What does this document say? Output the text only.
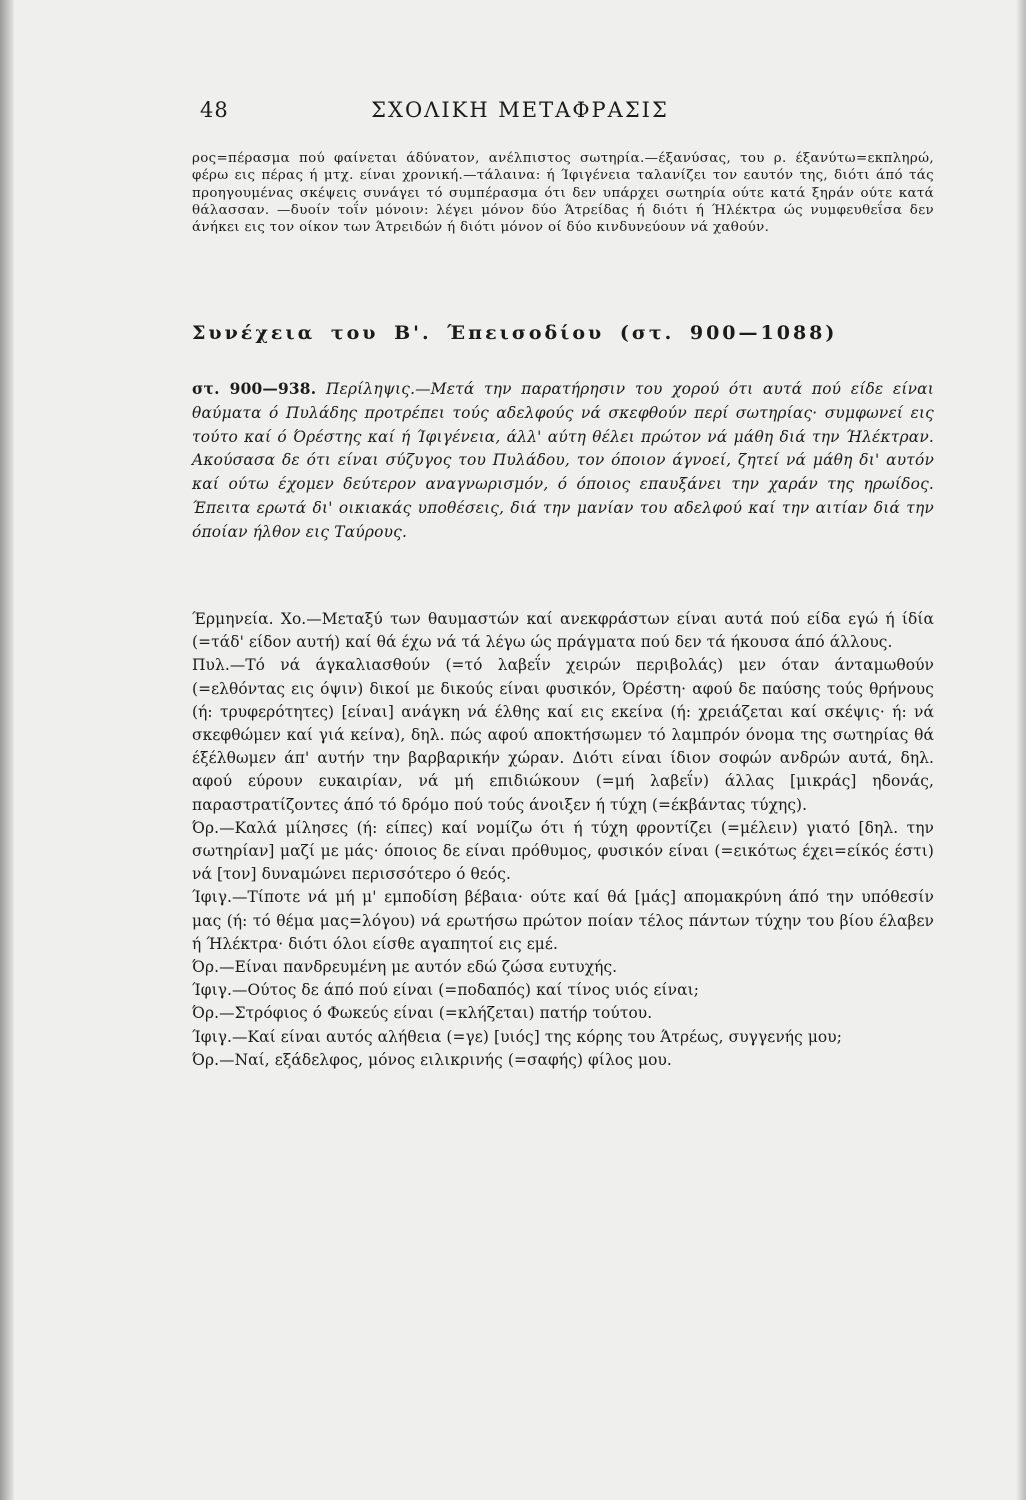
48	ΣΧΟΛΙΚΗ ΜΕΤΑΦΡΑΣΙΣ
ρος=πέρασμα πού φαίνεται άδύνατον, ανέλπιστος σωτηρία.—έξανύσας, του ρ. έξανύτω=εκπληρώ, φέρω εις πέρας ή μτχ. είναι χρονική.—τάλαινα: ή Ίφιγένεια ταλανίζει τον εαυτόν της, διότι άπό τάς προηγουμένας σκέψεις συνάγει τό συμπέρασμα ότι δεν υπάρχει σωτηρία ούτε κατά ξηράν ούτε κατά θάλασσαν. —δυοίν τοΐν μόνοιν: λέγει μόνον δύο Άτρείδας ή διότι ή Ήλέκτρα ώς νυμφευθεΐσα δεν άνήκει εις τον οίκον των Άτρειδών ή διότι μόνον οί δύο κινδυνεύουν νά χαθούν.
Συνέχεια του Β'. Έπεισοδίου (στ. 900—1088)
στ. 900—938. Περίληψις.—Μετά την παρατήρησιν του χορού ότι αυτά πού είδε είναι θαύματα ό Πυλάδης προτρέπει τούς αδελφούς νά σκεφθούν περί σωτηρίας· συμφωνεί εις τούτο καί ό Όρέστης καί ή Ίφιγένεια, άλλ' αύτη θέλει πρώτον νά μάθη διά την Ήλέκτραν. Ακούσασα δε ότι είναι σύζυγος του Πυλάδου, τον όποιον άγνοεί, ζητεί νά μάθη δι' αυτόν καί ούτω έχομεν δεύτερον αναγνωρισμόν, ό όποιος επαυξάνει την χαράν της ηρωίδος. Έπειτα ερωτά δι' οικιακάς υποθέσεις, διά την μανίαν του αδελφού καί την αιτίαν διά την όποίαν ήλθον εις Ταύρους.

Έρμηνεία. Χο.—Μεταξύ των θαυμαστών καί ανεκφράστων είναι αυτά πού είδα εγώ ή ίδία (=τάδ' είδον αυτή) καί θά έχω νά τά λέγω ώς πράγματα πού δεν τά ήκουσα άπό άλλους.

Πυλ.—Τό νά άγκαλιασθούν (=τό λαβεΐν χειρών περιβολάς) μεν όταν άνταμωθούν (=ελθόντας εις όψιν) δικοί με δικούς είναι φυσικόν, Όρέστη· αφού δε παύσης τούς θρήνους (ή: τρυφερότητες) [είναι] ανάγκη νά έλθης καί εις εκείνα (ή: χρειάζεται καί σκέψις· ή: νά σκεφθώμεν καί γιά κείνα), δηλ. πώς αφού αποκτήσωμεν τό λαμπρόν όνομα της σωτηρίας θά έξέλθωμεν άπ' αυτήν την βαρβαρικήν χώραν. Διότι είναι ίδιον σοφών ανδρών αυτά, δηλ. αφού εύρουν ευκαιρίαν, νά μή επιδιώκουν (=μή λαβεΐν) άλλας [μικράς] ηδονάς, παραστρατίζοντες άπό τό δρόμο πού τούς άνοιξεν ή τύχη (=έκβάντας τύχης).

Όρ.—Καλά μίλησες (ή: είπες) καί νομίζω ότι ή τύχη φροντίζει (=μέλειν) γιατό [δηλ. την σωτηρίαν] μαζί με μάς· όποιος δε είναι πρόθυμος, φυσικόν είναι (=εικότως έχει=είκός έστι) νά [τον] δυναμώνει περισσότερο ό θεός.

Ίφιγ.—Τίποτε νά μή μ' εμποδίση βέβαια· ούτε καί θά [μάς] απομακρύνη άπό την υπόθεσίν μας (ή: τό θέμα μας=λόγου) νά ερωτήσω πρώτον ποίαν τέλος πάντων τύχην του βίου έλαβεν ή Ήλέκτρα· διότι όλοι είσθε αγαπητοί εις εμέ.

Όρ.—Είναι πανδρευμένη με αυτόν εδώ ζώσα ευτυχής.

Ίφιγ.—Ούτος δε άπό πού είναι (=ποδαπός) καί τίνος υιός είναι;

Όρ.—Στρόφιος ό Φωκεύς είναι (=κλήζεται) πατήρ τούτου.

Ίφιγ.—Καί είναι αυτός αλήθεια (=γε) [υιός] της κόρης του Άτρέως, συγγενής μου;

Όρ.—Ναί, εξάδελφος, μόνος ειλικρινής (=σαφής) φίλος μου.
